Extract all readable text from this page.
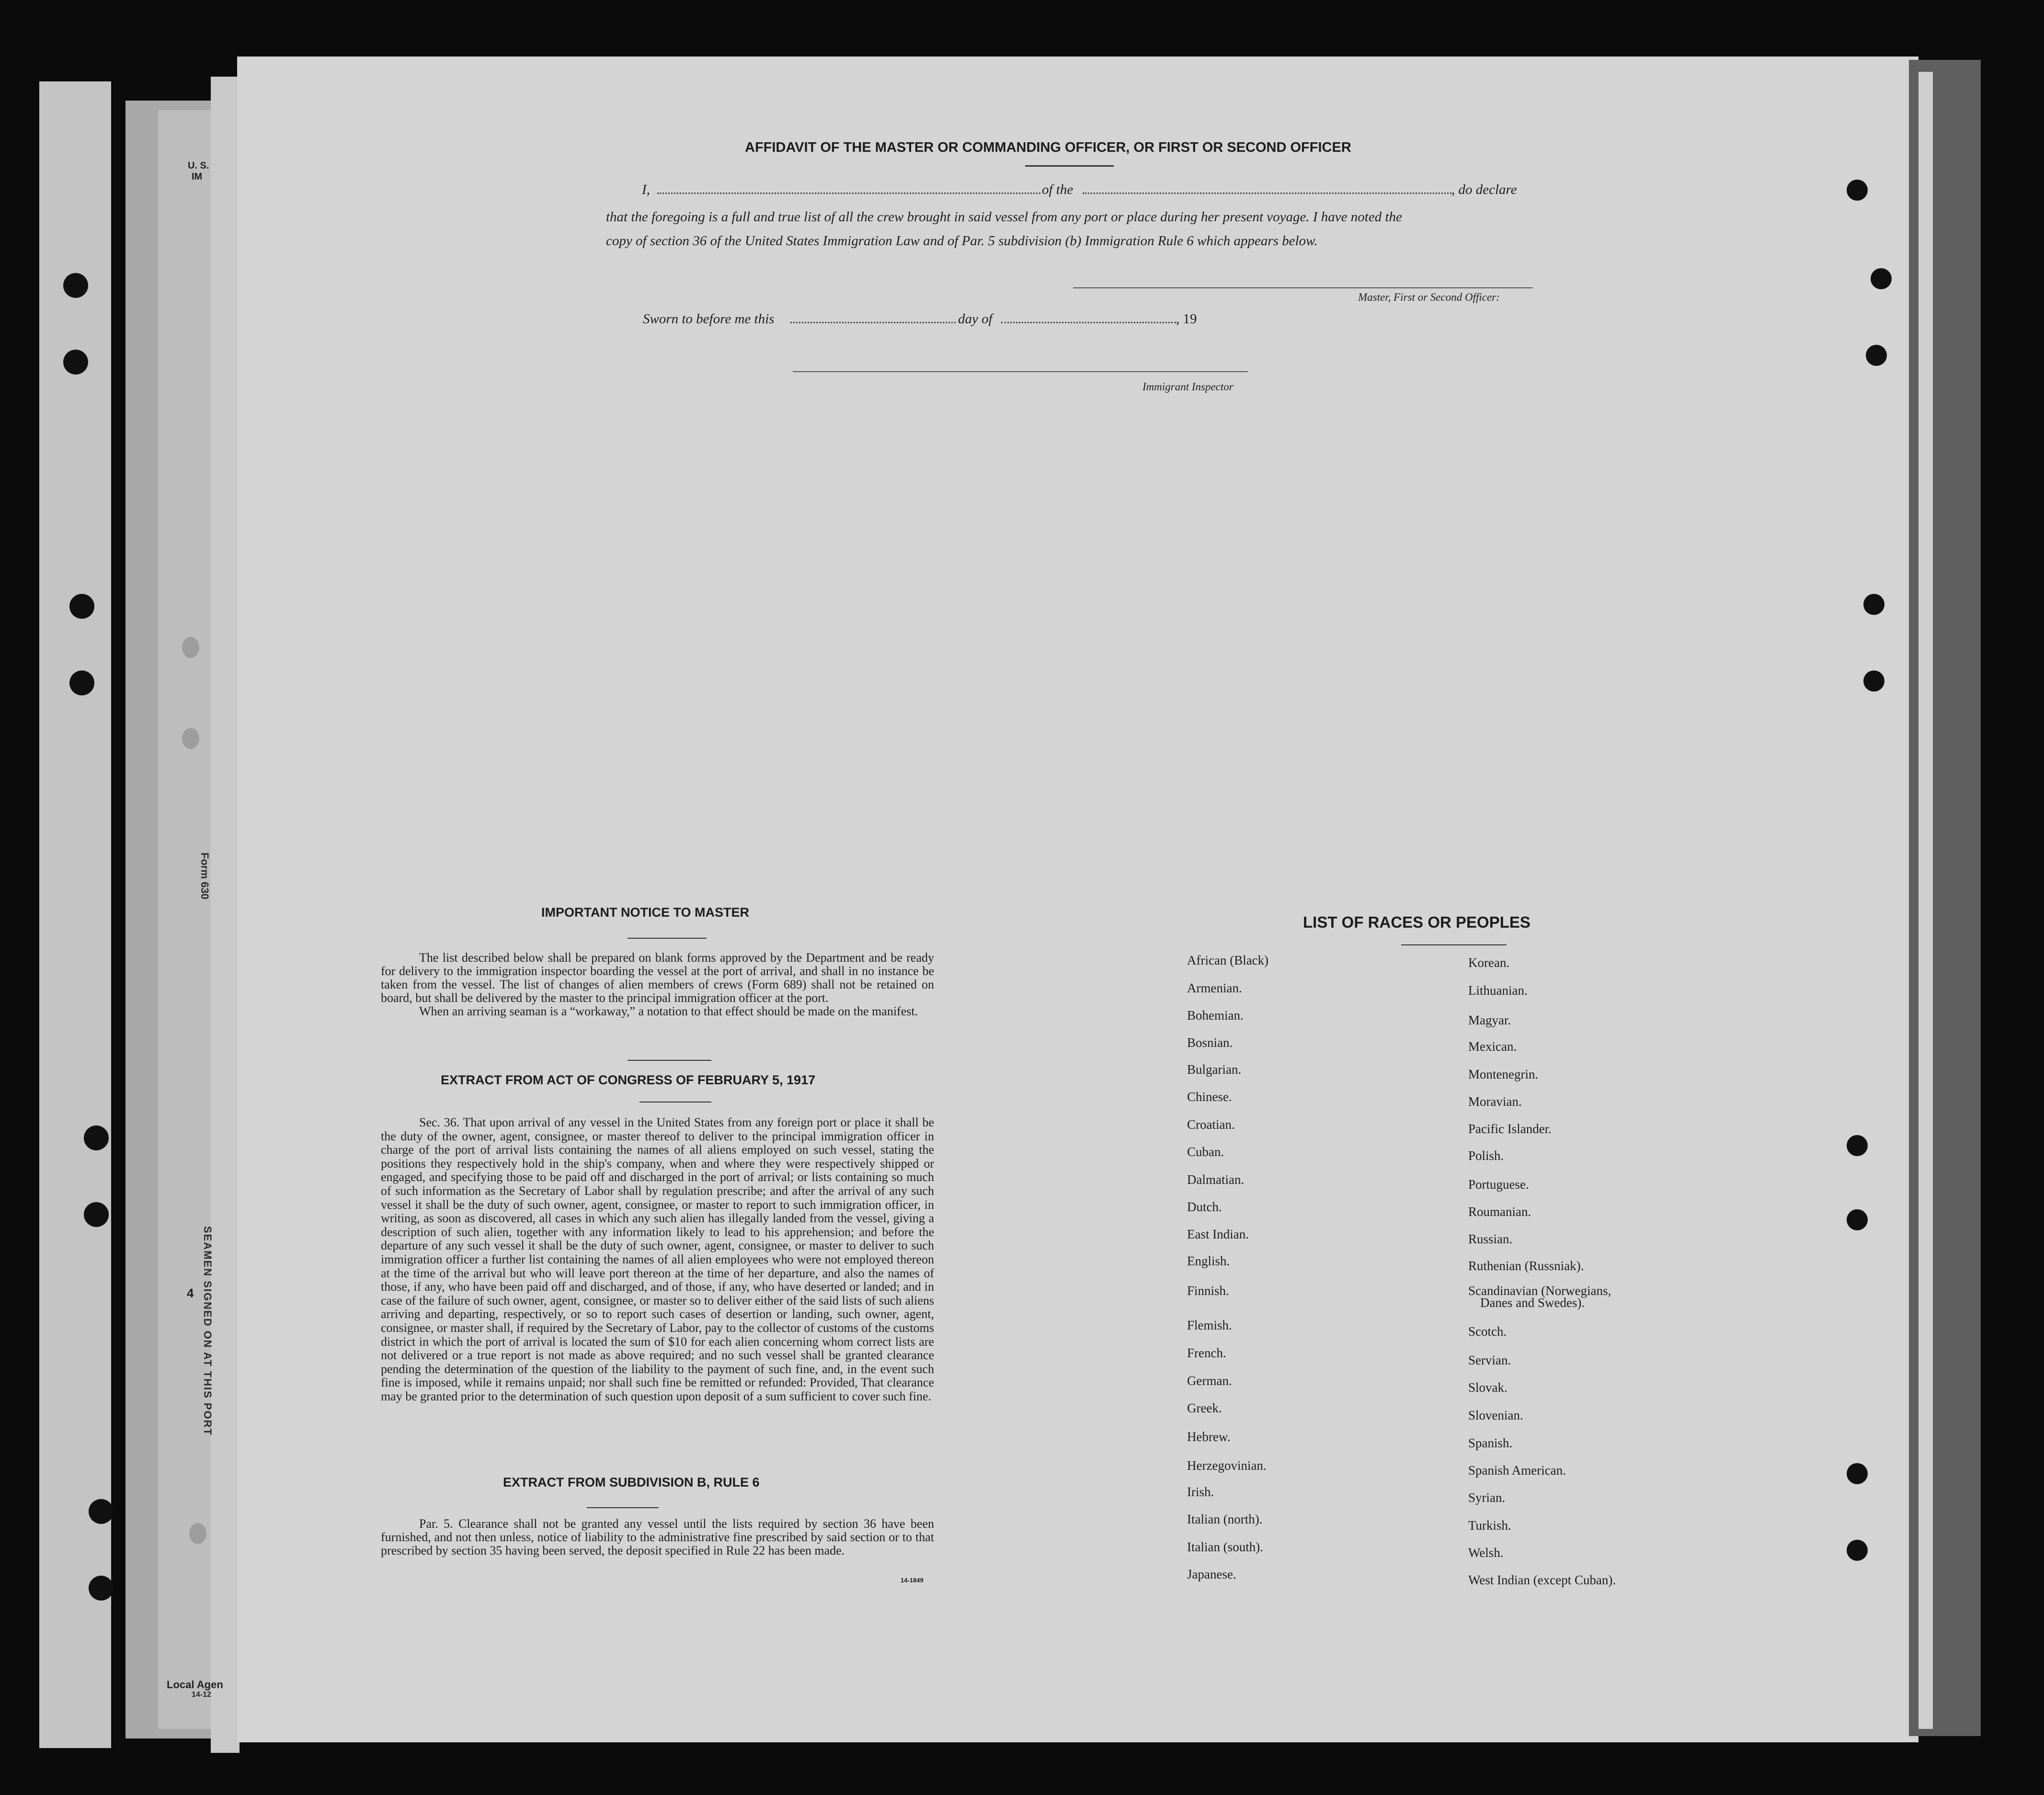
U. S.
IM
Form 630
SEAMEN SIGNED ON AT THIS PORT
4
Local Agen
14-12
AFFIDAVIT OF THE MASTER OR COMMANDING OFFICER, OR FIRST OR SECOND OFFICER
I,	of the	, do declare
that the foregoing is a full and true list of all the crew brought in said vessel from any port or place during her present voyage. I have noted the
copy of section 36 of the United States Immigration Law and of Par. 5 subdivision (b) Immigration Rule 6 which appears below.
Master, First or Second Officer:
Sworn to before me this	day of	, 19
Immigrant Inspector
IMPORTANT NOTICE TO MASTER

The list described below shall be prepared on blank forms approved by the Department and be ready for delivery to the immigration inspector boarding the vessel at the port of arrival, and shall in no instance be taken from the vessel. The list of changes of alien members of crews (Form 689) shall not be retained on board, but shall be delivered by the master to the principal immigration officer at the port.

When an arriving seaman is a “workaway,” a notation to that effect should be made on the manifest.

EXTRACT FROM ACT OF CONGRESS OF FEBRUARY 5, 1917

Sec. 36. That upon arrival of any vessel in the United States from any foreign port or place it shall be the duty of the owner, agent, consignee, or master thereof to deliver to the principal immigration officer in charge of the port of arrival lists containing the names of all aliens employed on such vessel, stating the positions they respectively hold in the ship's company, when and where they were respectively shipped or engaged, and specifying those to be paid off and discharged in the port of arrival; or lists containing so much of such information as the Secretary of Labor shall by regulation prescribe; and after the arrival of any such vessel it shall be the duty of such owner, agent, consignee, or master to report to such immigration officer, in writing, as soon as discovered, all cases in which any such alien has illegally landed from the vessel, giving a description of such alien, together with any information likely to lead to his apprehension; and before the departure of any such vessel it shall be the duty of such owner, agent, consignee, or master to deliver to such immigration officer a further list containing the names of all alien employees who were not employed thereon at the time of the arrival but who will leave port thereon at the time of her departure, and also the names of those, if any, who have been paid off and discharged, and of those, if any, who have deserted or landed; and in case of the failure of such owner, agent, consignee, or master so to deliver either of the said lists of such aliens arriving and departing, respectively, or so to report such cases of desertion or landing, such owner, agent, consignee, or master shall, if required by the Secretary of Labor, pay to the collector of customs of the customs district in which the port of arrival is located the sum of $10 for each alien concerning whom correct lists are not delivered or a true report is not made as above required; and no such vessel shall be granted clearance pending the determination of the question of the liability to the payment of such fine, and, in the event such fine is imposed, while it remains unpaid; nor shall such fine be remitted or refunded: Provided, That clearance may be granted prior to the determination of such question upon deposit of a sum sufficient to cover such fine.

EXTRACT FROM SUBDIVISION B, RULE 6

Par. 5. Clearance shall not be granted any vessel until the lists required by section 36 have been furnished, and not then unless, notice of liability to the administrative fine prescribed by said section or to that prescribed by section 35 having been served, the deposit specified in Rule 22 has been made.

14-1849
LIST OF RACES OR PEOPLES
African (Black)
Armenian.
Bohemian.
Bosnian.
Bulgarian.
Chinese.
Croatian.
Cuban.
Dalmatian.
Dutch.
East Indian.
English.
Finnish.
Flemish.
French.
German.
Greek.
Hebrew.
Herzegovinian.
Irish.
Italian (north).
Italian (south).
Japanese.
Korean.
Lithuanian.
Magyar.
Mexican.
Montenegrin.
Moravian.
Pacific Islander.
Polish.
Portuguese.
Roumanian.
Russian.
Ruthenian (Russniak).
Scandinavian (Norwegians,
Danes and Swedes).
Scotch.
Servian.
Slovak.
Slovenian.
Spanish.
Spanish American.
Syrian.
Turkish.
Welsh.
West Indian (except Cuban).
